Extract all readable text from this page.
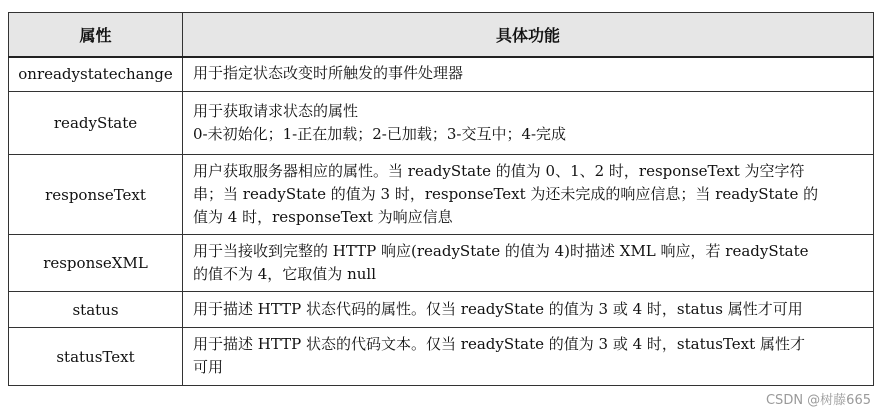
属性	具体功能
onreadystatechange	用于指定状态改变时所触发的事件处理器

readyState	用于获取请求状态的属性
0-未初始化；1-正在加载；2-已加载；3-交互中；4-完成

responseText	用户获取服务器相应的属性。当 readyState 的值为 0、1、2 时，responseText 为空字符
串；当 readyState 的值为 3 时，responseText 为还未完成的响应信息；当 readyState 的
值为 4 时，responseText 为响应信息

responseXML	用于当接收到完整的 HTTP 响应(readyState 的值为 4)时描述 XML 响应，若 readyState
的值不为 4，它取值为 null

status	用于描述 HTTP 状态代码的属性。仅当 readyState 的值为 3 或 4 时，status 属性才可用

statusText	用于描述 HTTP 状态的代码文本。仅当 readyState 的值为 3 或 4 时，statusText 属性才
可用
CSDN @树藤665
